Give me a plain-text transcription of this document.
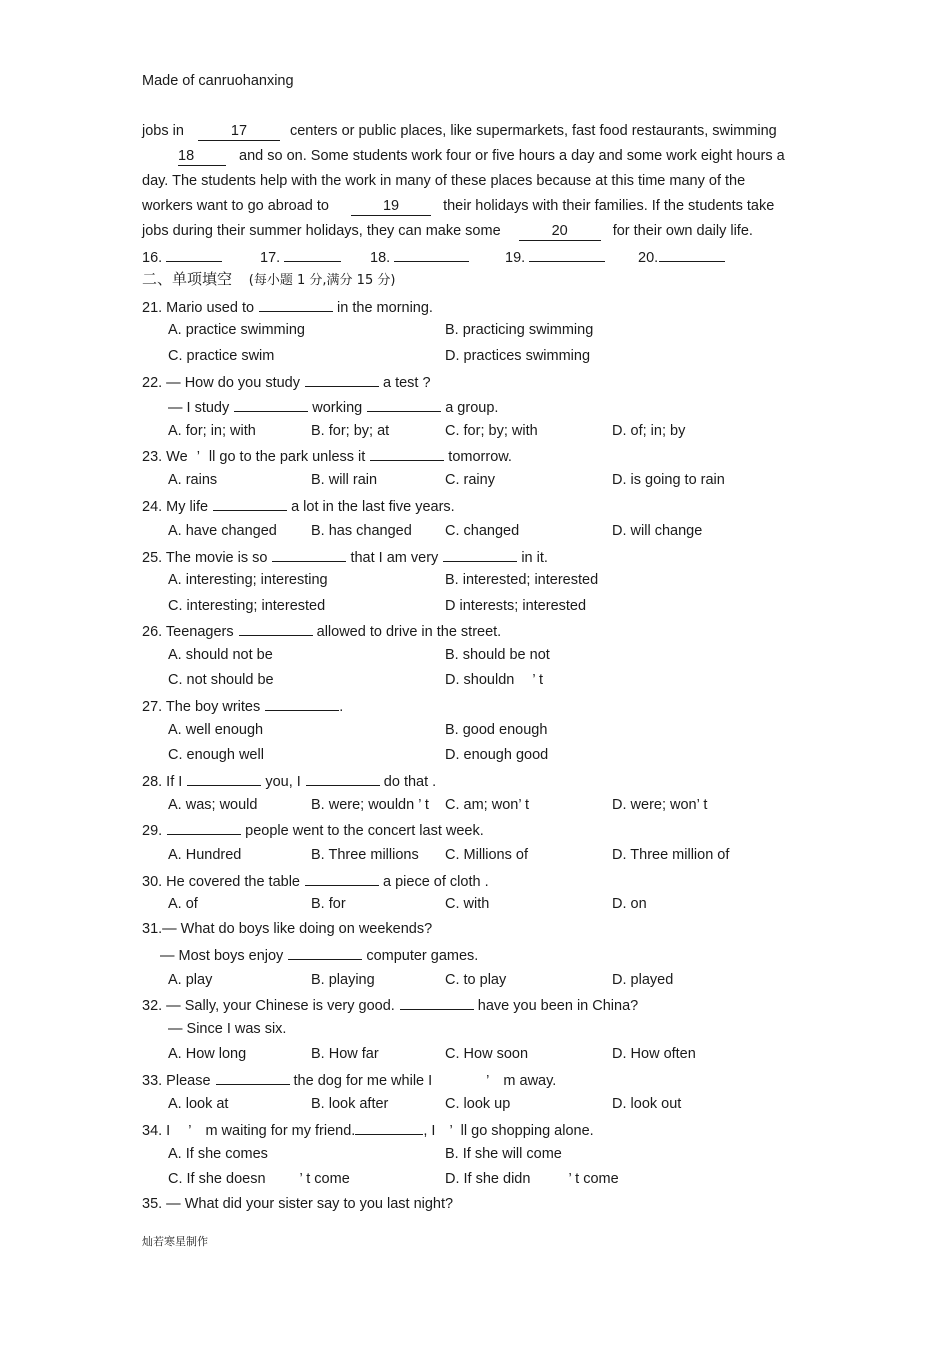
Made of canruohanxing
jobs in	17	centers or public places, like supermarkets, fast food restaurants, swimming
18	and so on. Some students work four or five hours a day and some work eight hours a
day. The students help with the work in many of these places because at this time many of the
workers want to go abroad to	19	their holidays with their families. If the students take
jobs during their summer holidays, they can make some	20	for their own daily life.
16.	17.	18.	19.	20.
二、单项填空 (每小题 1 分,满分 15 分)
21. Mario used to	in the morning.
A. practice swimming	B. practicing swimming
C. practice swim	D. practices swimming
22. — How do you study	a test ?
— I study	working	a group.
A. for; in; with	B. for; by; at	C. for; by; with	D. of; in; by
23. We ’ ll go to the park unless it	tomorrow.
A. rains	B. will rain	C. rainy	D. is going to rain
24. My life	a lot in the last five years.
A. have changed B. has changed C. changed	D. will change
25. The movie is so	that I am very	in it.
A. interesting; interesting	B. interested; interested
C. interesting; interested	D interests; interested
26. Teenagers	allowed to drive in the street.
A. should not be	B. should be not
C. not should be	D. shouldn ’ t
27. The boy writes	.
A. well enough	B. good enough
C. enough well	D. enough good
28. If I	you, I	do that .
A. was; would	B. were; wouldn ’ t C. am; won’ t	D. were; won’ t
29.	people went to the concert last week.
A. Hundred	B. Three millions C. Millions of	D. Three million of
30. He covered the table	a piece of cloth .
A. of	B. for	C. with	D. on
31.— What do boys like doing on weekends?
— Most boys enjoy	computer games.
A. play	B. playing	C. to play	D. played
32. — Sally, your Chinese is very good.	have you been in China?
— Since I was six.
A. How long	B. How far	C. How soon	D. How often
33. Please	the dog for me while I	’ m away.
A. look at	B. look after	C. look up	D. look out
34. I ’ m waiting for my friend.	, I ’ ll go shopping alone.
A. If she comes	B. If she will come
C. If she doesn ’ t come	D. If she didn	’ t come
35. — What did your sister say to you last night?
灿若寒星制作
